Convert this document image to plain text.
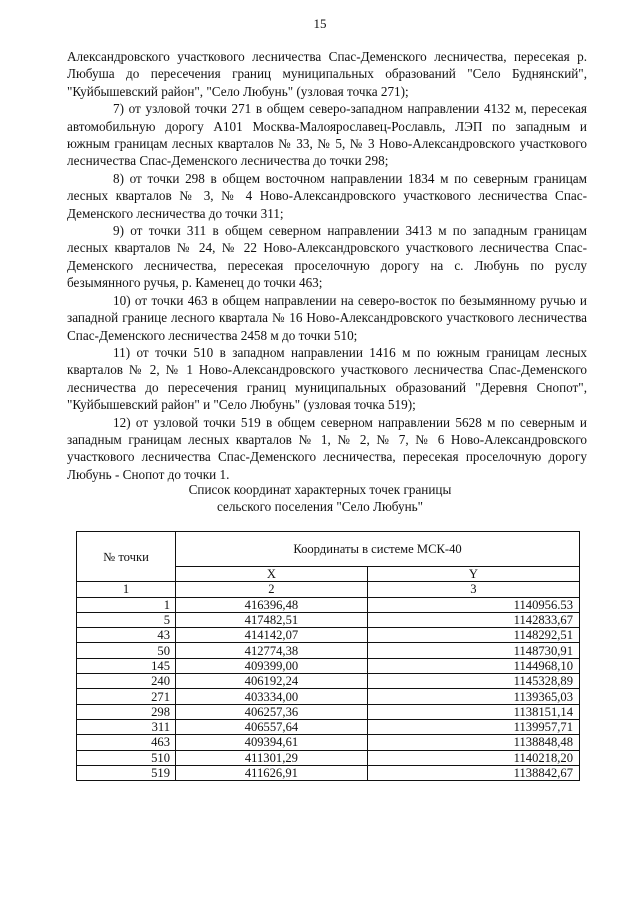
15

Александровского участкового лесничества Спас-Деменского лесничества, пересекая р. Любуша до пересечения границ муниципальных образований "Село Буднянский", "Куйбышевский район", "Село Любунь" (узловая точка 271);

7) от узловой точки 271 в общем северо-западном направлении 4132 м, пересекая автомобильную дорогу А101 Москва-Малоярославец-Рославль, ЛЭП по западным и южным границам лесных кварталов № 33, № 5, № 3 Ново-Александровского участкового лесничества Спас-Деменского лесничества до точки 298;

8) от точки 298 в общем восточном направлении 1834 м по северным границам лесных кварталов № 3, № 4 Ново-Александровского участкового лесничества Спас-Деменского лесничества до точки 311;

9) от точки 311 в общем северном направлении 3413 м по западным границам лесных кварталов № 24, № 22 Ново-Александровского участкового лесничества Спас-Деменского лесничества, пересекая проселочную дорогу на с. Любунь по руслу безымянного ручья, р. Каменец до точки 463;

10) от точки 463 в общем направлении на северо-восток по безымянному ручью и западной границе лесного квартала № 16 Ново-Александровского участкового лесничества Спас-Деменского лесничества 2458 м до точки 510;

11) от точки 510 в западном направлении 1416 м по южным границам лесных кварталов № 2, № 1 Ново-Александровского участкового лесничества Спас-Деменского лесничества до пересечения границ муниципальных образований "Деревня Снопот", "Куйбышевский район" и "Село Любунь" (узловая точка 519);

12) от узловой точки 519 в общем северном направлении 5628 м по северным и западным границам лесных кварталов № 1, № 2, № 7, № 6 Ново-Александровского участкового лесничества Спас-Деменского лесничества, пересекая проселочную дорогу Любунь - Снопот до точки 1.

Список координат характерных точек границы
сельского поселения "Село Любунь"
№ точки	Координаты в системе МСК-40	
	X	Y
1	2	3
1	416396,48	1140956.53
5	417482,51	1142833,67
43	414142,07	1148292,51
50	412774,38	1148730,91
145	409399,00	1144968,10
240	406192,24	1145328,89
271	403334,00	1139365,03
298	406257,36	1138151,14
311	406557,64	1139957,71
463	409394,61	1138848,48
510	411301,29	1140218,20
519	411626,91	1138842,67
